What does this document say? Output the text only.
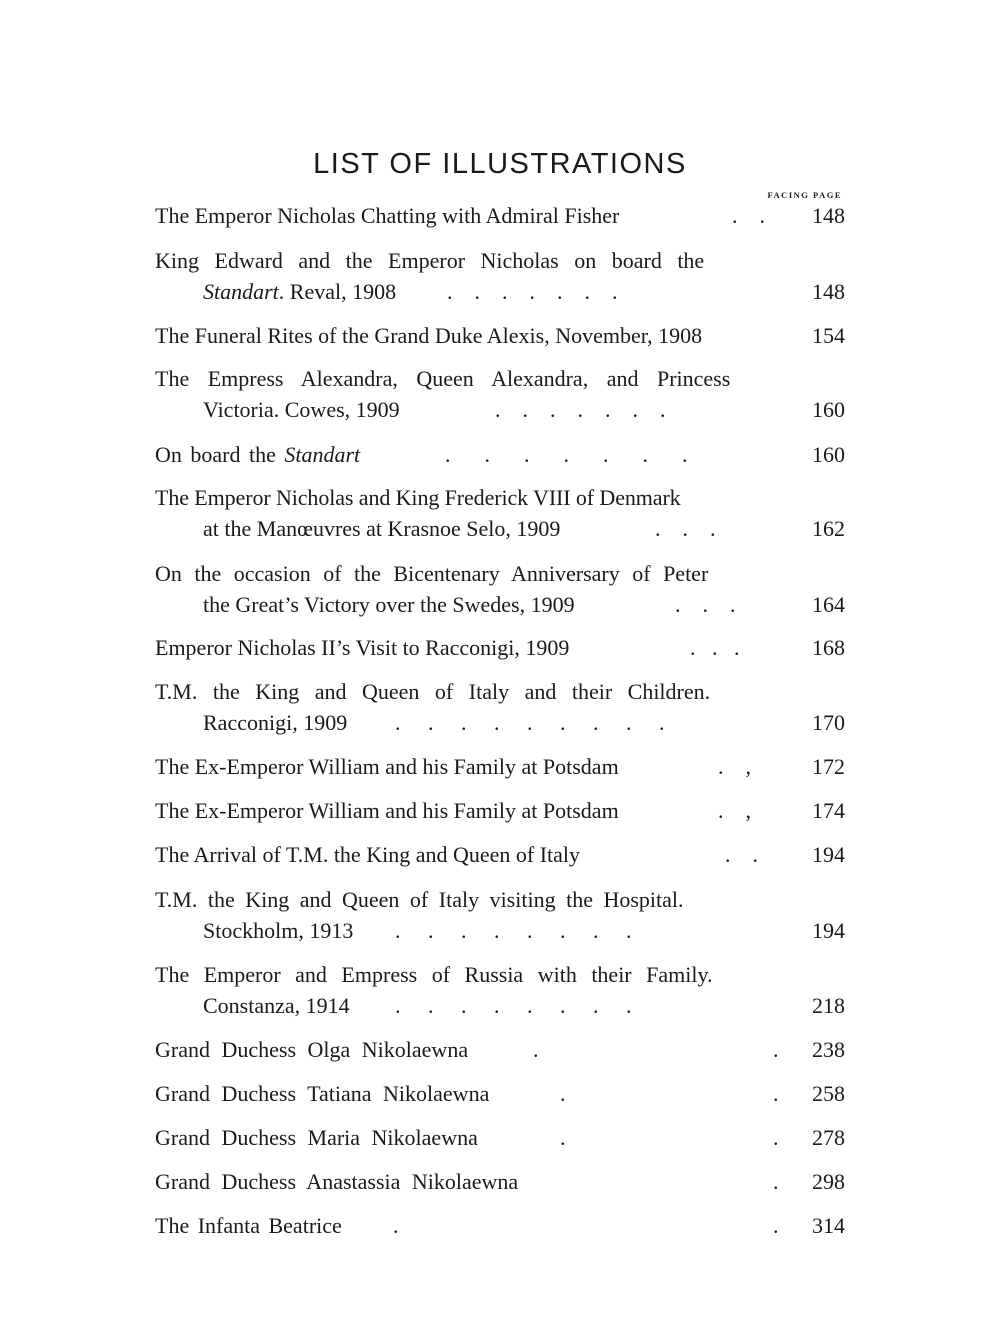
LIST OF ILLUSTRATIONS
FACING PAGE
The Emperor Nicholas Chatting with Admiral Fisher	.    .	148
King Edward and the Emperor Nicholas on board the
Standart. Reval, 1908 .    .    .    .    .    .    .	148
The Funeral Rites of the Grand Duke Alexis, November, 1908	154
The Empress Alexandra, Queen Alexandra, and Princess
Victoria. Cowes, 1909	.    .    .    .    .    .    .	160
On board the Standart	.    .    .    .    .    .    .	160
The Emperor Nicholas and King Frederick VIII of Denmark
at the Manœuvres at Krasnoe Selo, 1909	.    .    .	162
On the occasion of the Bicentenary Anniversary of Peter
the Great’s Victory over the Swedes, 1909	.    .    .	164
Emperor Nicholas II’s Visit to Racconigi, 1909	.   .   .	168
T.M. the King and Queen of Italy and their Children.
Racconigi, 1909 .     .     .     .     .     .     .     .     .	170
The Ex-Emperor William and his Family at Potsdam	.    ,	172
The Ex-Emperor William and his Family at Potsdam	.    ,	174
The Arrival of T.M. the King and Queen of Italy	.    .	194
T.M. the King and Queen of Italy visiting the Hospital.
Stockholm, 1913 .     .     .     .     .     .     .     .	194
The Emperor and Empress of Russia with their Family.
Constanza, 1914 .     .     .     .     .     .     .     .	218
Grand Duchess Olga Nikolaewna	.	.	238
Grand Duchess Tatiana Nikolaewna	.	.	258
Grand Duchess Maria Nikolaewna	.	.	278
Grand Duchess Anastassia Nikolaewna	.	298
The Infanta Beatrice .	.	314
